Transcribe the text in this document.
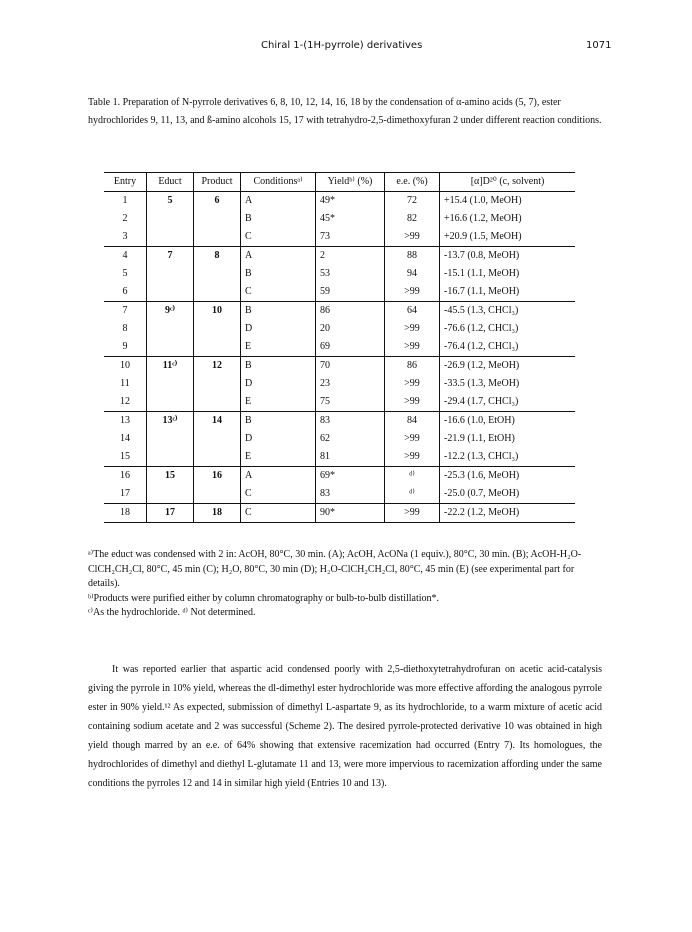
Chiral 1-(1H-pyrrole) derivatives	1071
Table 1. Preparation of N-pyrrole derivatives 6, 8, 10, 12, 14, 16, 18 by the condensation of α-amino acids (5, 7), ester hydrochlorides 9, 11, 13, and ß-amino alcohols 15, 17 with tetrahydro-2,5-dimethoxyfuran 2 under different reaction conditions.
Entry	Educt	Product	Conditionsᵃ⁾	Yieldᵇ⁾ (%)	e.e. (%)	[α]D²⁰ (c, solvent)
1	5	6	A	49*	72	+15.4 (1.0, MeOH)
2			B	45*	82	+16.6 (1.2, MeOH)
3			C	73	>99	+20.9 (1.5, MeOH)
4	7	8	A	2	88	-13.7 (0.8, MeOH)
5			B	53	94	-15.1 (1.1, MeOH)
6			C	59	>99	-16.7 (1.1, MeOH)
7	9ᶜ⁾	10	B	86	64	-45.5 (1.3, CHCl₃)
8			D	20	>99	-76.6 (1.2, CHCl₃)
9			E	69	>99	-76.4 (1.2, CHCl₃)
10	11ᶜ⁾	12	B	70	86	-26.9 (1.2, MeOH)
11			D	23	>99	-33.5 (1.3, MeOH)
12			E	75	>99	-29.4 (1.7, CHCl₃)
13	13ᶜ⁾	14	B	83	84	-16.6 (1.0, EtOH)
14			D	62	>99	-21.9 (1.1, EtOH)
15			E	81	>99	-12.2 (1.3, CHCl₃)
16	15	16	A	69*	ᵈ⁾	-25.3 (1.6, MeOH)
17			C	83	ᵈ⁾	-25.0 (0.7, MeOH)
18	17	18	C	90*	>99	-22.2 (1.2, MeOH)

ᵃ⁾The educt was condensed with 2 in: AcOH, 80°C, 30 min. (A); AcOH, AcONa (1 equiv.), 80°C, 30 min. (B); AcOH-H₂O-ClCH₂CH₂Cl, 80°C, 45 min (C); H₂O, 80°C, 30 min (D); H₂O-ClCH₂CH₂Cl, 80°C, 45 min (E) (see experimental part for details).

ᵇ⁾Products were purified either by column chromatography or bulb-to-bulb distillation*.

ᶜ⁾As the hydrochloride. ᵈ⁾ Not determined.

It was reported earlier that aspartic acid condensed poorly with 2,5-diethoxytetrahydrofuran on acetic acid-catalysis giving the pyrrole in 10% yield, whereas the dl-dimethyl ester hydrochloride was more effective affording the analogous pyrrole ester in 90% yield.¹² As expected, submission of dimethyl L-aspartate 9, as its hydrochloride, to a warm mixture of acetic acid containing sodium acetate and 2 was successful (Scheme 2). The desired pyrrole-protected derivative 10 was obtained in high yield though marred by an e.e. of 64% showing that extensive racemization had occurred (Entry 7). Its homologues, the hydrochlorides of dimethyl and diethyl L-glutamate 11 and 13, were more impervious to racemization affording under the same conditions the pyrroles 12 and 14 in similar high yield (Entries 10 and 13).
